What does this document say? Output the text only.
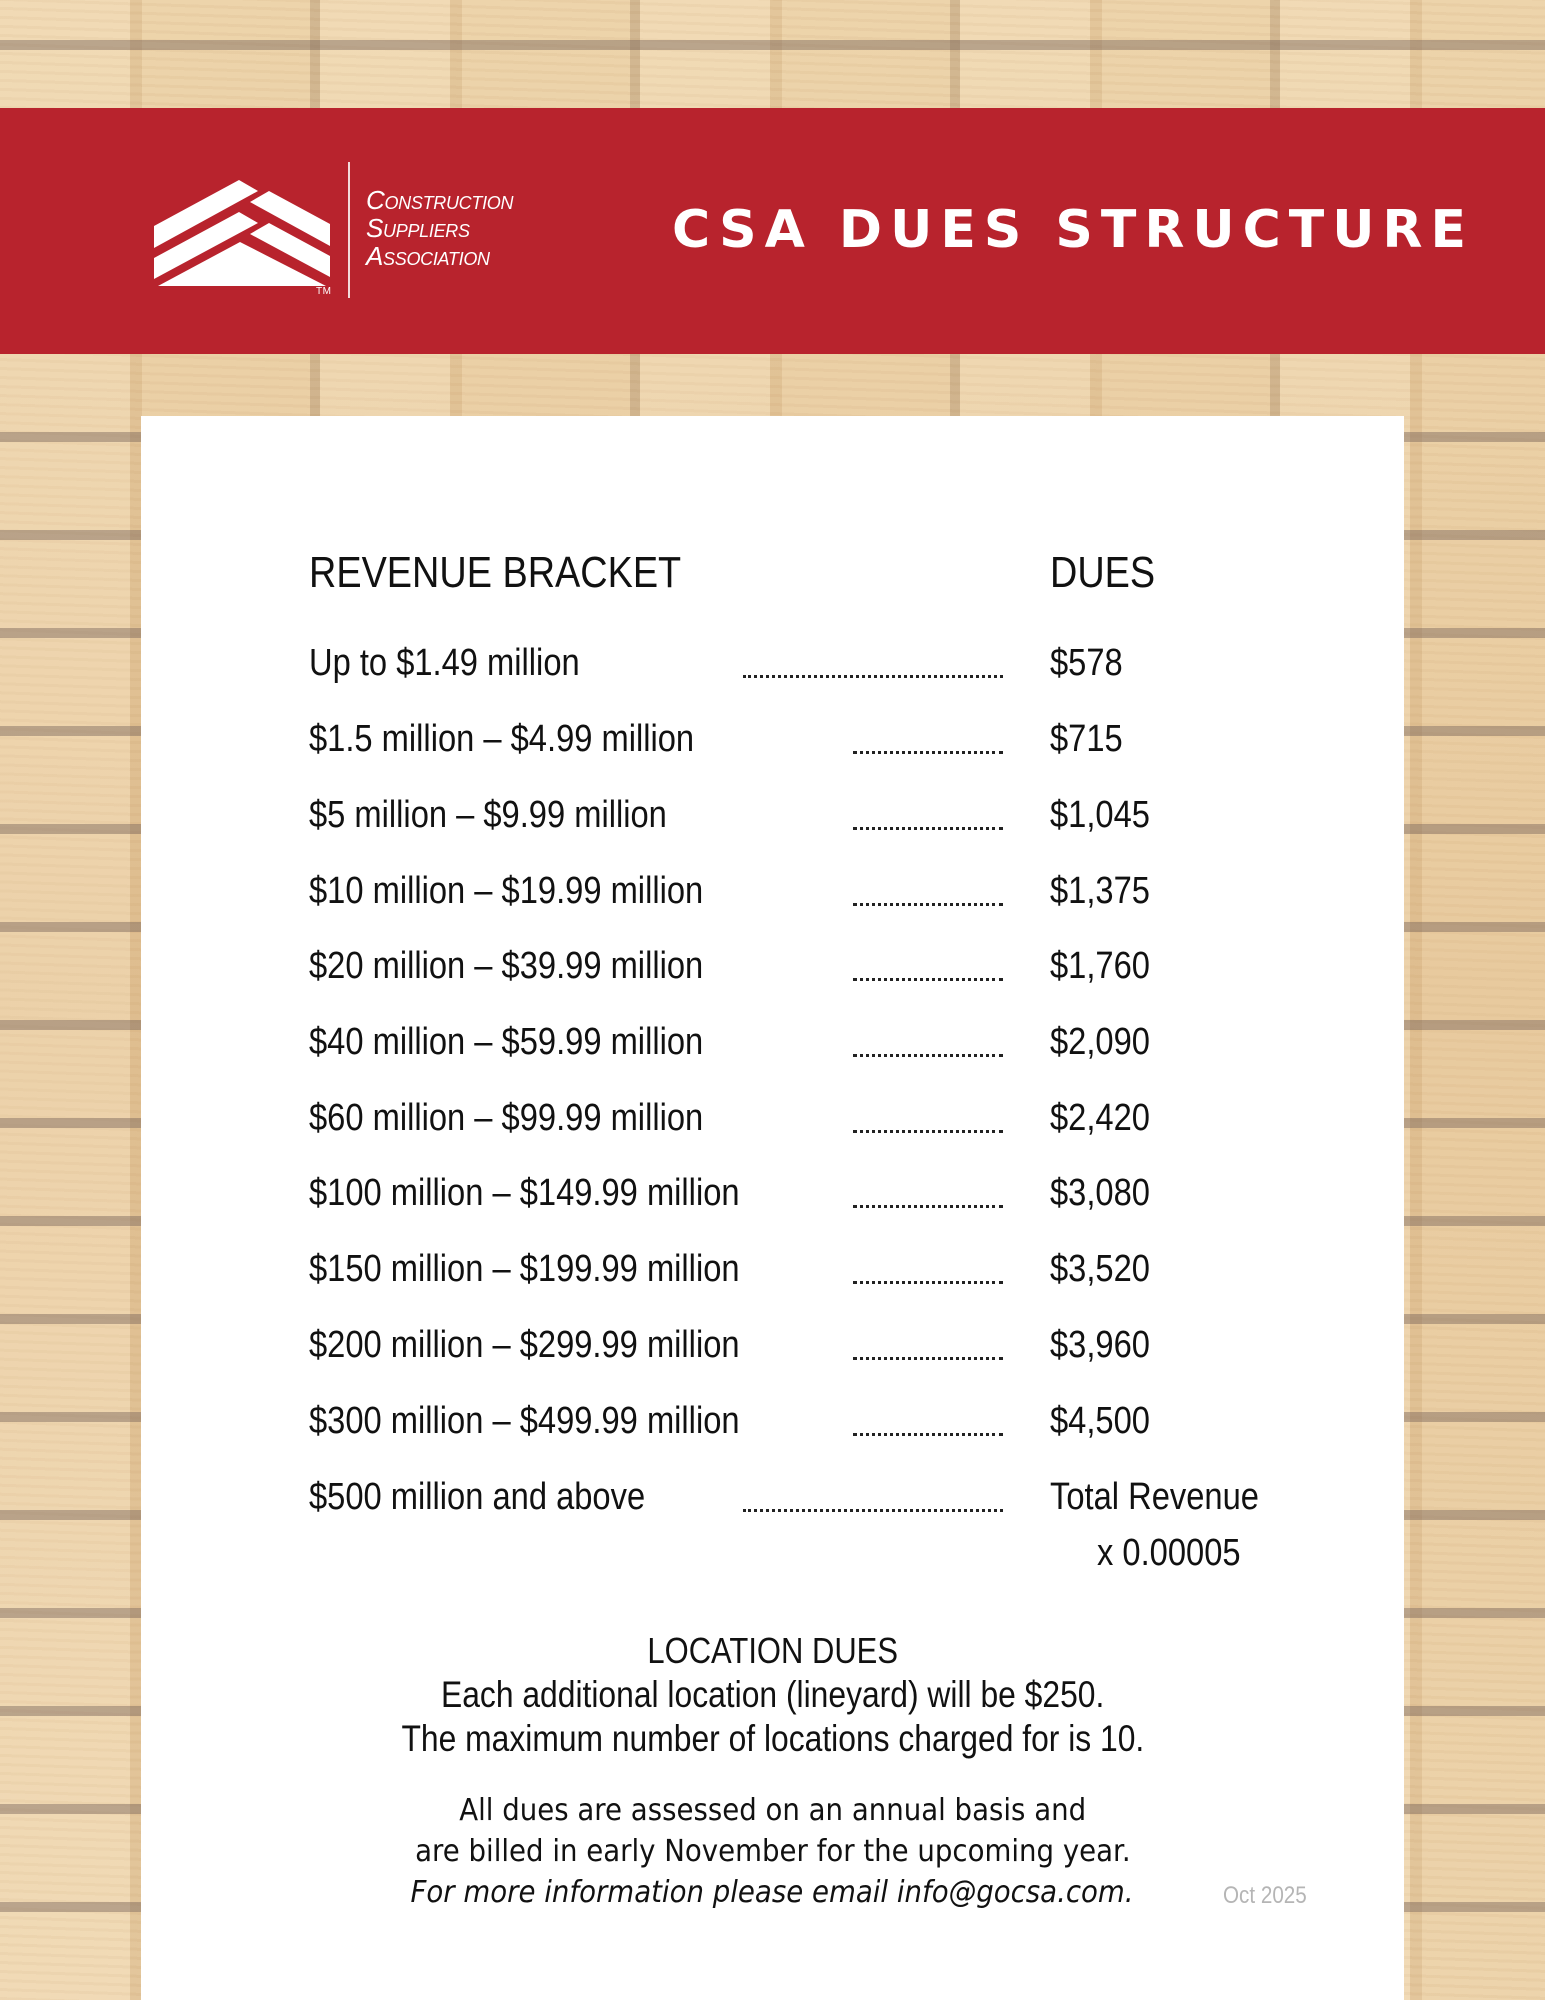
TM
Construction
Suppliers
Association	CSA DUES STRUCTURE
REVENUE BRACKET	DUES
Up to $1.49 million	$578
$1.5 million – $4.99 million	$715
$5 million – $9.99 million	$1,045
$10 million – $19.99 million	$1,375
$20 million – $39.99 million	$1,760
$40 million – $59.99 million	$2,090
$60 million – $99.99 million	$2,420
$100 million – $149.99 million	$3,080
$150 million – $199.99 million	$3,520
$200 million – $299.99 million	$3,960
$300 million – $499.99 million	$4,500
$500 million and above	Total Revenue
x 0.00005
LOCATION DUES
Each additional location (lineyard) will be $250.
The maximum number of locations charged for is 10.
All dues are assessed on an annual basis and
are billed in early November for the upcoming year.
For more information please email info@gocsa.com.	Oct 2025
